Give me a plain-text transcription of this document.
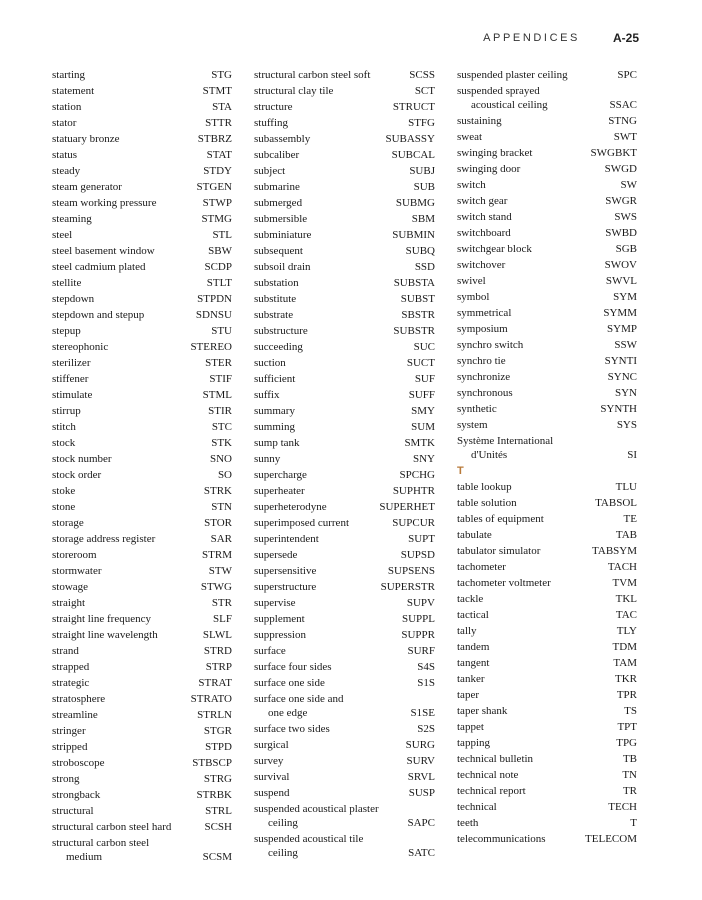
APPENDICES	A-25
starting	STG
statement	STMT
station	STA
stator	STTR
statuary bronze	STBRZ
status	STAT
steady	STDY
steam generator	STGEN
steam working pressure	STWP
steaming	STMG
steel	STL
steel basement window	SBW
steel cadmium plated	SCDP
stellite	STLT
stepdown	STPDN
stepdown and stepup	SDNSU
stepup	STU
stereophonic	STEREO
sterilizer	STER
stiffener	STIF
stimulate	STML
stirrup	STIR
stitch	STC
stock	STK
stock number	SNO
stock order	SO
stoke	STRK
stone	STN
storage	STOR
storage address register	SAR
storeroom	STRM
stormwater	STW
stowage	STWG
straight	STR
straight line frequency	SLF
straight line wavelength	SLWL
strand	STRD
strapped	STRP
strategic	STRAT
stratosphere	STRATO
streamline	STRLN
stringer	STGR
stripped	STPD
stroboscope	STBSCP
strong	STRG
strongback	STRBK
structural	STRL
structural carbon steel hard	SCSH
structural carbon steel
medium	SCSM
structural carbon steel soft	SCSS
structural clay tile	SCT
structure	STRUCT
stuffing	STFG
subassembly	SUBASSY
subcaliber	SUBCAL
subject	SUBJ
submarine	SUB
submerged	SUBMG
submersible	SBM
subminiature	SUBMIN
subsequent	SUBQ
subsoil drain	SSD
substation	SUBSTA
substitute	SUBST
substrate	SBSTR
substructure	SUBSTR
succeeding	SUC
suction	SUCT
sufficient	SUF
suffix	SUFF
summary	SMY
summing	SUM
sump tank	SMTK
sunny	SNY
supercharge	SPCHG
superheater	SUPHTR
superheterodyne	SUPERHET
superimposed current	SUPCUR
superintendent	SUPT
supersede	SUPSD
supersensitive	SUPSENS
superstructure	SUPERSTR
supervise	SUPV
supplement	SUPPL
suppression	SUPPR
surface	SURF
surface four sides	S4S
surface one side	S1S
surface one side and
one edge	S1SE
surface two sides	S2S
surgical	SURG
survey	SURV
survival	SRVL
suspend	SUSP
suspended acoustical plaster
ceiling	SAPC
suspended acoustical tile
ceiling	SATC
suspended plaster ceiling	SPC
suspended sprayed
acoustical ceiling	SSAC
sustaining	STNG
sweat	SWT
swinging bracket	SWGBKT
swinging door	SWGD
switch	SW
switch gear	SWGR
switch stand	SWS
switchboard	SWBD
switchgear block	SGB
switchover	SWOV
swivel	SWVL
symbol	SYM
symmetrical	SYMM
symposium	SYMP
synchro switch	SSW
synchro tie	SYNTI
synchronize	SYNC
synchronous	SYN
synthetic	SYNTH
system	SYS
Système International
d'Unités	SI
T
table lookup	TLU
table solution	TABSOL
tables of equipment	TE
tabulate	TAB
tabulator simulator	TABSYM
tachometer	TACH
tachometer voltmeter	TVM
tackle	TKL
tactical	TAC
tally	TLY
tandem	TDM
tangent	TAM
tanker	TKR
taper	TPR
taper shank	TS
tappet	TPT
tapping	TPG
technical bulletin	TB
technical note	TN
technical report	TR
technical	TECH
teeth	T
telecommunications	TELECOM
